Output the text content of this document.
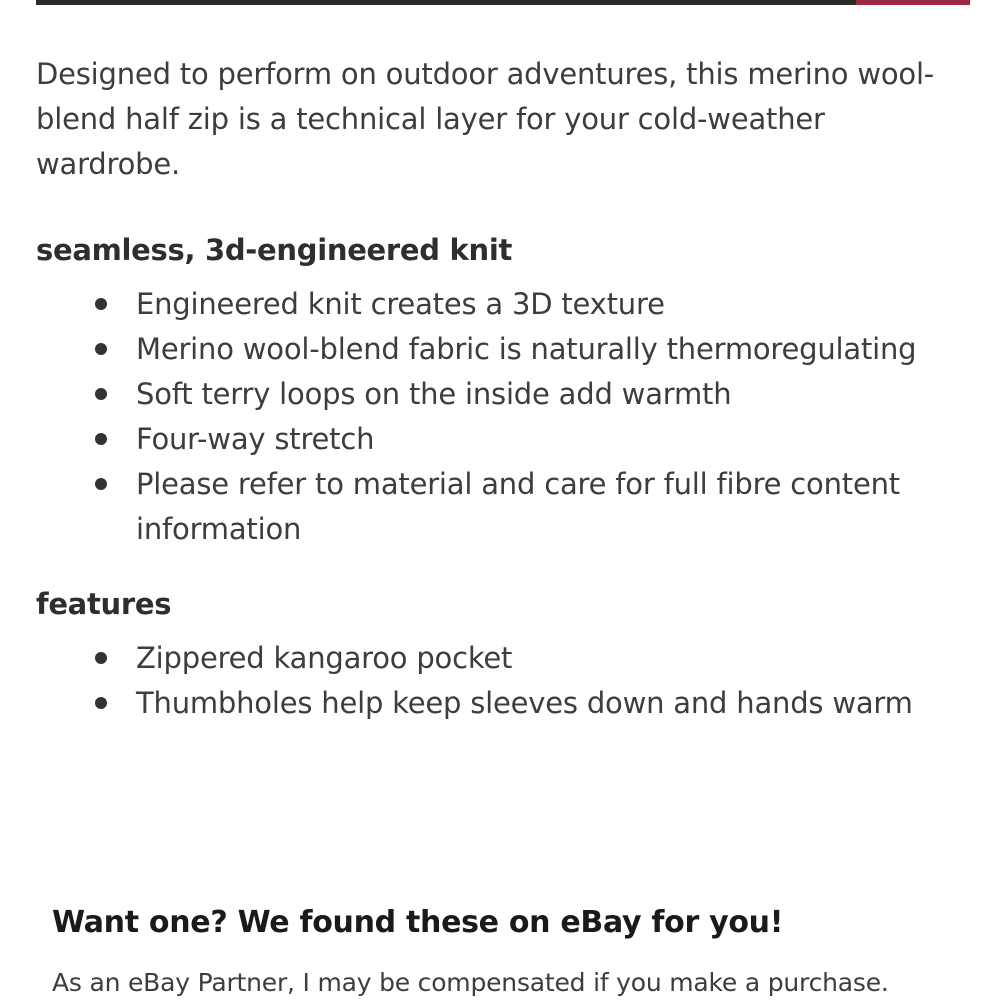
Designed to perform on outdoor adventures, this merino wool-blend half zip is a technical layer for your cold-weather wardrobe.

seamless, 3d-engineered knit
Engineered knit creates a 3D texture
Merino wool-blend fabric is naturally thermoregulating
Soft terry loops on the inside add warmth
Four-way stretch
Please refer to material and care for full fibre content information
features
Zippered kangaroo pocket
Thumbholes help keep sleeves down and hands warm
Want one? We found these on eBay for you!

As an eBay Partner, I may be compensated if you make a purchase.
